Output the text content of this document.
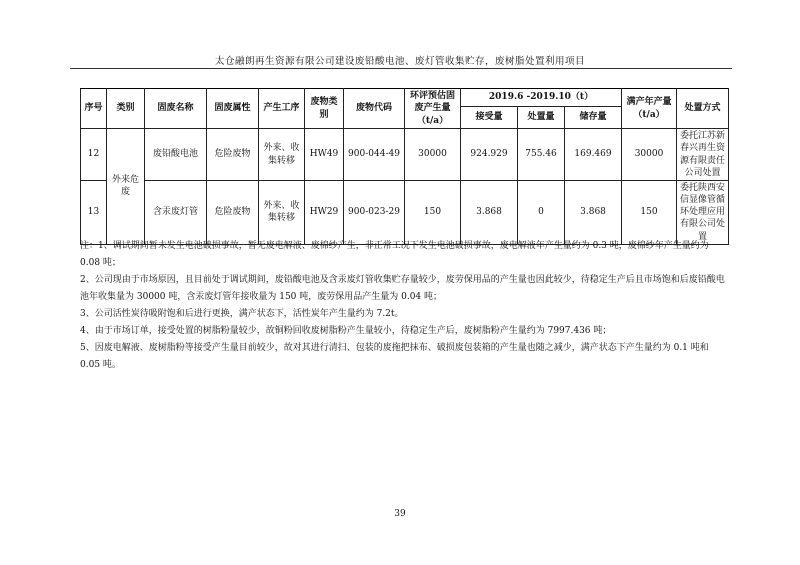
太仓融朗再生资源有限公司建设废铅酸电池、废灯管收集贮存，废树脂处置利用项目
序号	类别	固废名称	固废属性	产生工序	废物类别	废物代码	环评预估固废产生量（t/a）	2019.6 -2019.10（t）			满产年产量（t/a）	处置方式
								接受量	处置量	储存量		
12	外来危废	废铅酸电池	危险废物	外来、收集转移	HW49	900-044-49	30000	924.929	755.46	169.469	30000	委托江苏新春兴再生资源有限责任公司处置
13		含汞废灯管	危险废物	外来、收集转移	HW29	900-023-29	150	3.868	0	3.868	150	委托陕西安信显像管循环处理应用有限公司处置

注：1、调试期间暂未发生电池破损事故，暂无废电解液、废棉纱产生，非正常工况下发生电池破损事故，废电解液年产生量约为 0.3 吨，废棉纱年产生量约为 0.08 吨；

2、公司现由于市场原因，且目前处于调试期间，废铅酸电池及含汞废灯管收集贮存量较少，废劳保用品的产生量也因此较少，待稳定生产后且市场饱和后废铅酸电池年收集量为 30000 吨，含汞废灯管年接收量为 150 吨，废劳保用品产生量为 0.04 吨；

3、公司活性炭待吸附饱和后进行更换，满产状态下，活性炭年产生量约为 7.2t。

4、由于市场订单，接受处置的树脂粉量较少，故铜粉回收废树脂粉产生量较小，待稳定生产后，废树脂粉产生量约为 7997.436 吨；

5、因废电解液、废树脂粉等接受产生量目前较少，故对其进行清扫、包装的废拖把抹布、破损废包装箱的产生量也随之减少，满产状态下产生量约为 0.1 吨和 0.05 吨。

39
